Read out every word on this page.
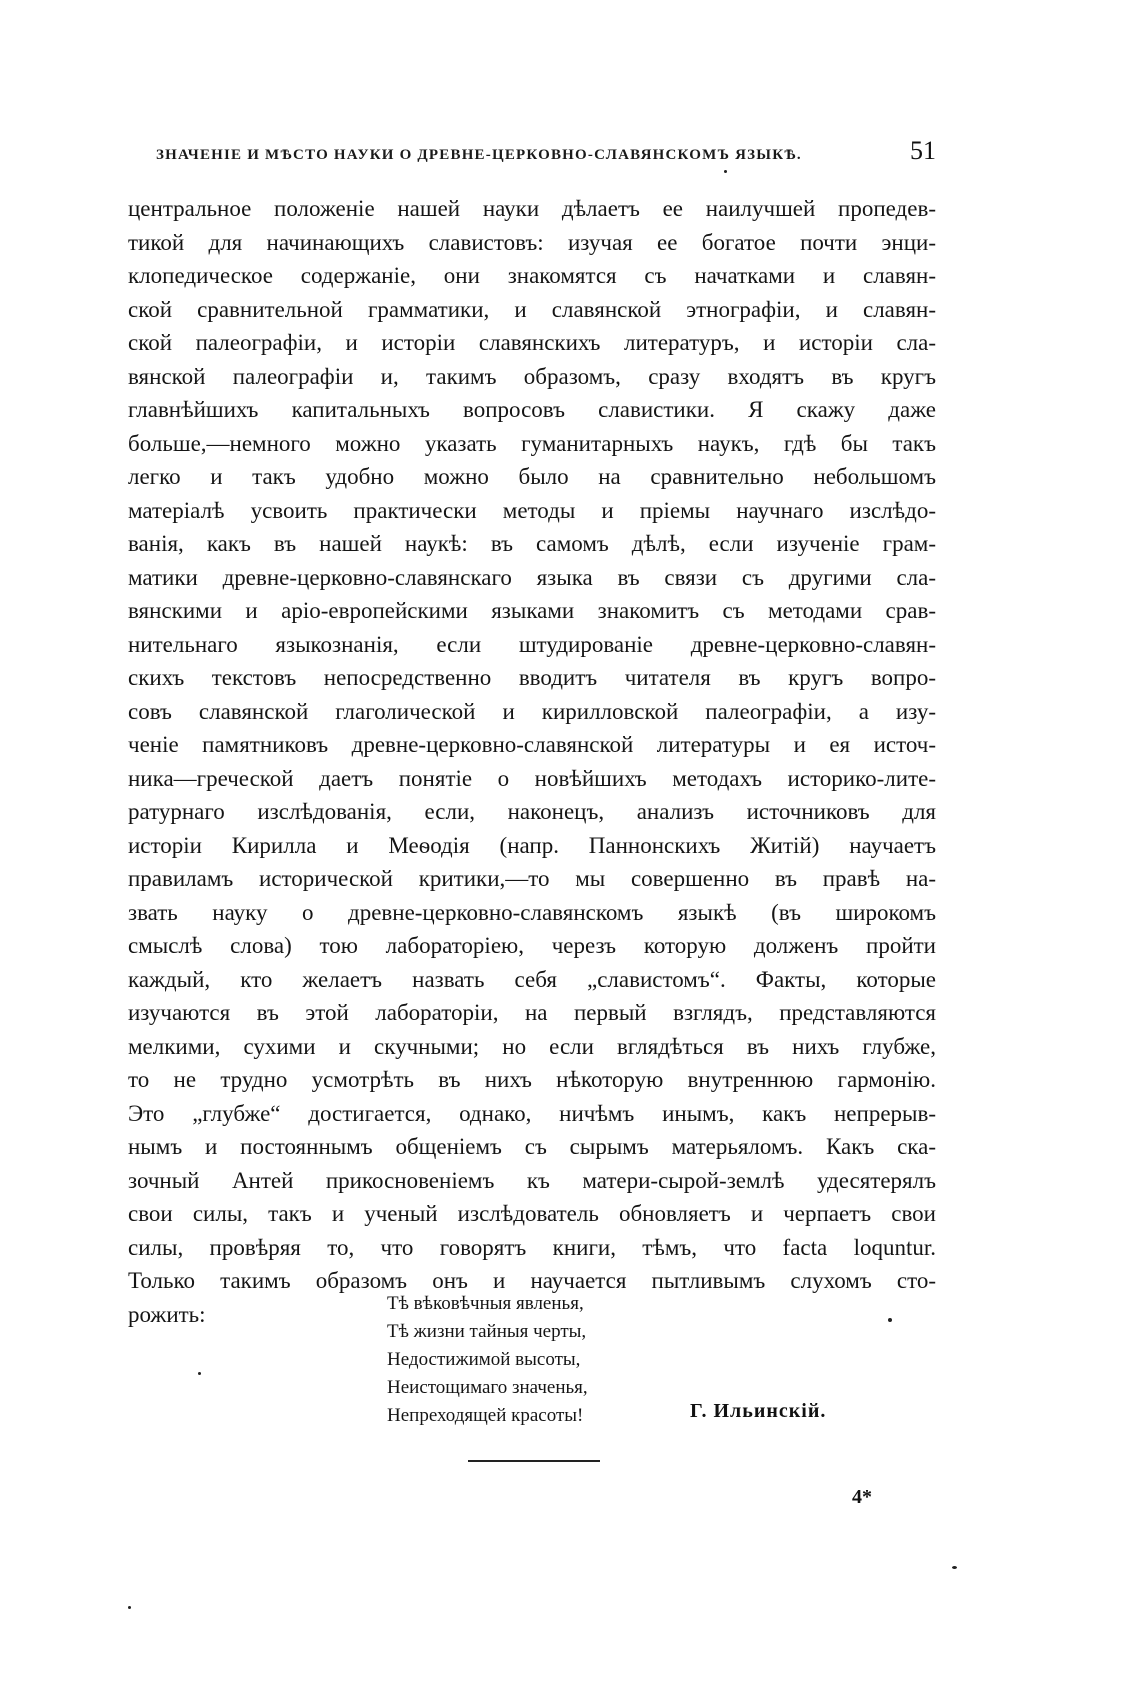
ЗНАЧЕНІЕ И МѢСТО НАУКИ О ДРЕВНЕ-ЦЕРКОВНО-СЛАВЯНСКОМЪ ЯЗЫКѢ.	51

центральное положеніе нашей науки дѣлаетъ ее наилучшей пропедев-
тикой для начинающихъ славистовъ: изучая ее богатое почти энци-
клопедическое содержаніе, они знакомятся съ начатками и славян-
ской сравнительной грамматики, и славянской этнографіи, и славян-
ской палеографіи, и исторіи славянскихъ литературъ, и исторіи сла-
вянской палеографіи и, такимъ образомъ, сразу входятъ въ кругъ
главнѣйшихъ капитальныхъ вопросовъ славистики. Я скажу даже
больше,—немного можно указать гуманитарныхъ наукъ, гдѣ бы такъ
легко и такъ удобно можно было на сравнительно небольшомъ
матеріалѣ усвоить практически методы и пріемы научнаго изслѣдо-
ванія, какъ въ нашей наукѣ: въ самомъ дѣлѣ, если изученіе грам-
матики древне-церковно-славянскаго языка въ связи съ другими сла-
вянскими и аріо-европейскими языками знакомитъ съ методами срав-
нительнаго языкознанія, если штудированіе древне-церковно-славян-
скихъ текстовъ непосредственно вводитъ читателя въ кругъ вопро-
совъ славянской глаголической и кирилловской палеографіи, а изу-
ченіе памятниковъ древне-церковно-славянской литературы и ея источ-
ника—греческой даетъ понятіе о новѣйшихъ методахъ историко-лите-
ратурнаго изслѣдованія, если, наконецъ, анализъ источниковъ для
исторіи Кирилла и Меѳодія (напр. Паннонскихъ Житій) научаетъ
правиламъ исторической критики,—то мы совершенно въ правѣ на-
звать науку о древне-церковно-славянскомъ языкѣ (въ широкомъ
смыслѣ слова) тою лабораторіею, черезъ которую долженъ пройти
каждый, кто желаетъ назвать себя „славистомъ“. Факты, которые
изучаются въ этой лабораторіи, на первый взглядъ, представляются
мелкими, сухими и скучными; но если вглядѣться въ нихъ глубже,
то не трудно усмотрѣть въ нихъ нѣкоторую внутреннюю гармонію.
Это „глубже“ достигается, однако, ничѣмъ инымъ, какъ непрерыв-
нымъ и постояннымъ общеніемъ съ сырымъ матерьяломъ. Какъ ска-
зочный Антей прикосновеніемъ къ матери-сырой-землѣ удесятерялъ
свои силы, такъ и ученый изслѣдователь обновляетъ и черпаетъ свои
силы, провѣряя то, что говорятъ книги, тѣмъ, что facta loquntur.
Только такимъ образомъ онъ и научается пытливымъ слухомъ сто-
рожить:	Тѣ вѣковѣчныя явленья,
Тѣ жизни тайныя черты,
Недостижимой высоты,
Неистощимаго значенья,
Непреходящей красоты!	Г. Ильинскій.
4*
